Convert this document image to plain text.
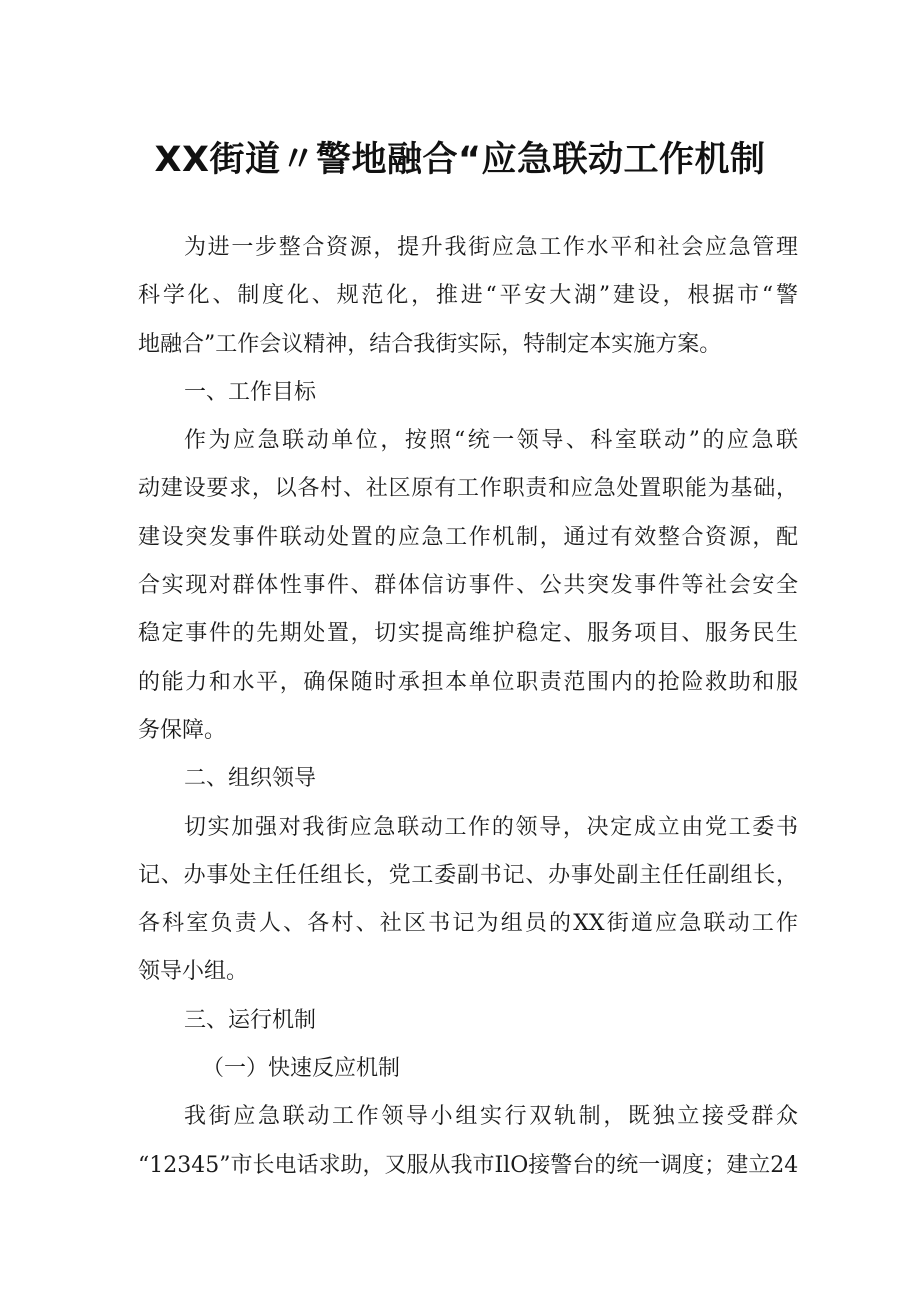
XX街道〃警地融合“应急联动工作机制
为进一步整合资源，提升我街应急工作水平和社会应急管理
科学化、制度化、规范化，推进“平安大湖”建设，根据市“警
地融合”工作会议精神，结合我街实际，特制定本实施方案。
一、工作目标
作为应急联动单位，按照“统一领导、科室联动”的应急联
动建设要求，以各村、社区原有工作职责和应急处置职能为基础，
建设突发事件联动处置的应急工作机制，通过有效整合资源，配
合实现对群体性事件、群体信访事件、公共突发事件等社会安全
稳定事件的先期处置，切实提高维护稳定、服务项目、服务民生
的能力和水平，确保随时承担本单位职责范围内的抢险救助和服
务保障。
二、组织领导
切实加强对我街应急联动工作的领导，决定成立由党工委书
记、办事处主任任组长，党工委副书记、办事处副主任任副组长，
各科室负责人、各村、社区书记为组员的XX街道应急联动工作
领导小组。
三、运行机制
（一）快速反应机制
我街应急联动工作领导小组实行双轨制，既独立接受群众
“12345”市长电话求助，又服从我市IlO接警台的统一调度；建立24
